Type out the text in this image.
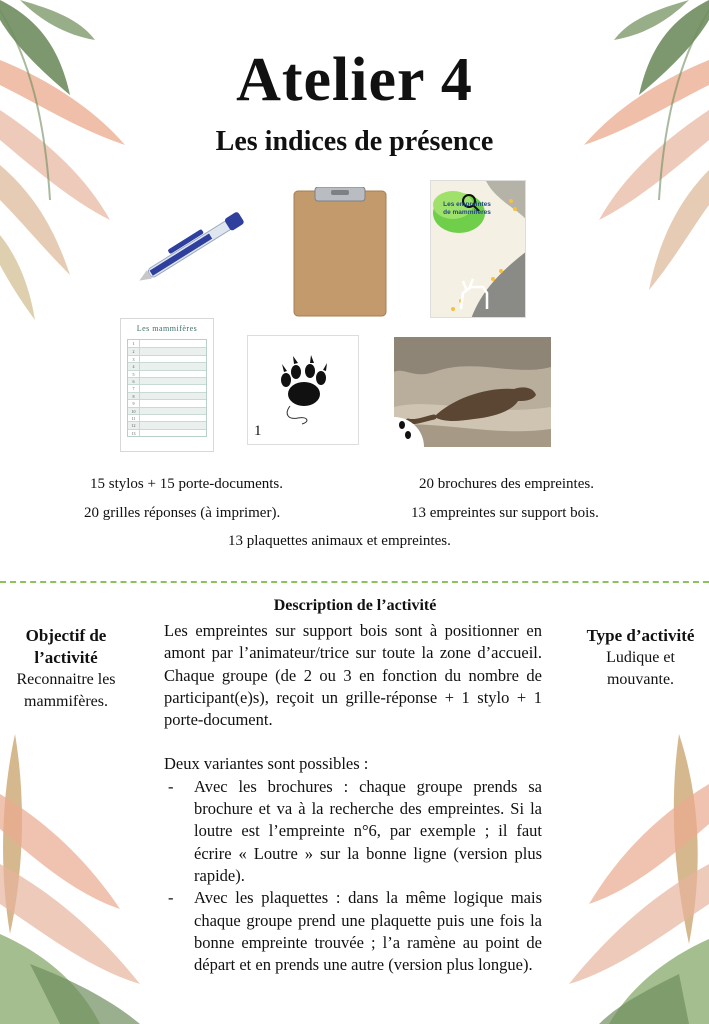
Atelier 4
Les indices de présence
Les empreintes de mammifères
Les mammifères
1
2
3
4
5
6
7
8
9
10
11
12
13	1
15 stylos + 15 porte-documents.	20 brochures des empreintes.
20 grilles réponses (à imprimer).	13 empreintes sur support bois.
13 plaquettes animaux et empreintes.
Objectif de l’activité
Reconnaitre les mammifères.
Type d’activité
Ludique et mouvante.
Description de l’activité

Les empreintes sur support bois sont à positionner en amont par l’animateur/trice sur toute la zone d’accueil. Chaque groupe (de 2 ou 3 en fonction du nombre de participant(e)s), reçoit un grille-réponse + 1 stylo + 1 porte-document.

Deux variantes sont possibles :

- Avec les brochures : chaque groupe prends sa brochure et va à la recherche des empreintes. Si la loutre est l’empreinte n°6, par exemple ; il faut écrire « Loutre » sur la bonne ligne (version plus rapide).
- Avec les plaquettes : dans la même logique mais chaque groupe prend une plaquette puis une fois la bonne empreinte trouvée ; l’a ramène au point de départ et en prends une autre (version plus longue).
